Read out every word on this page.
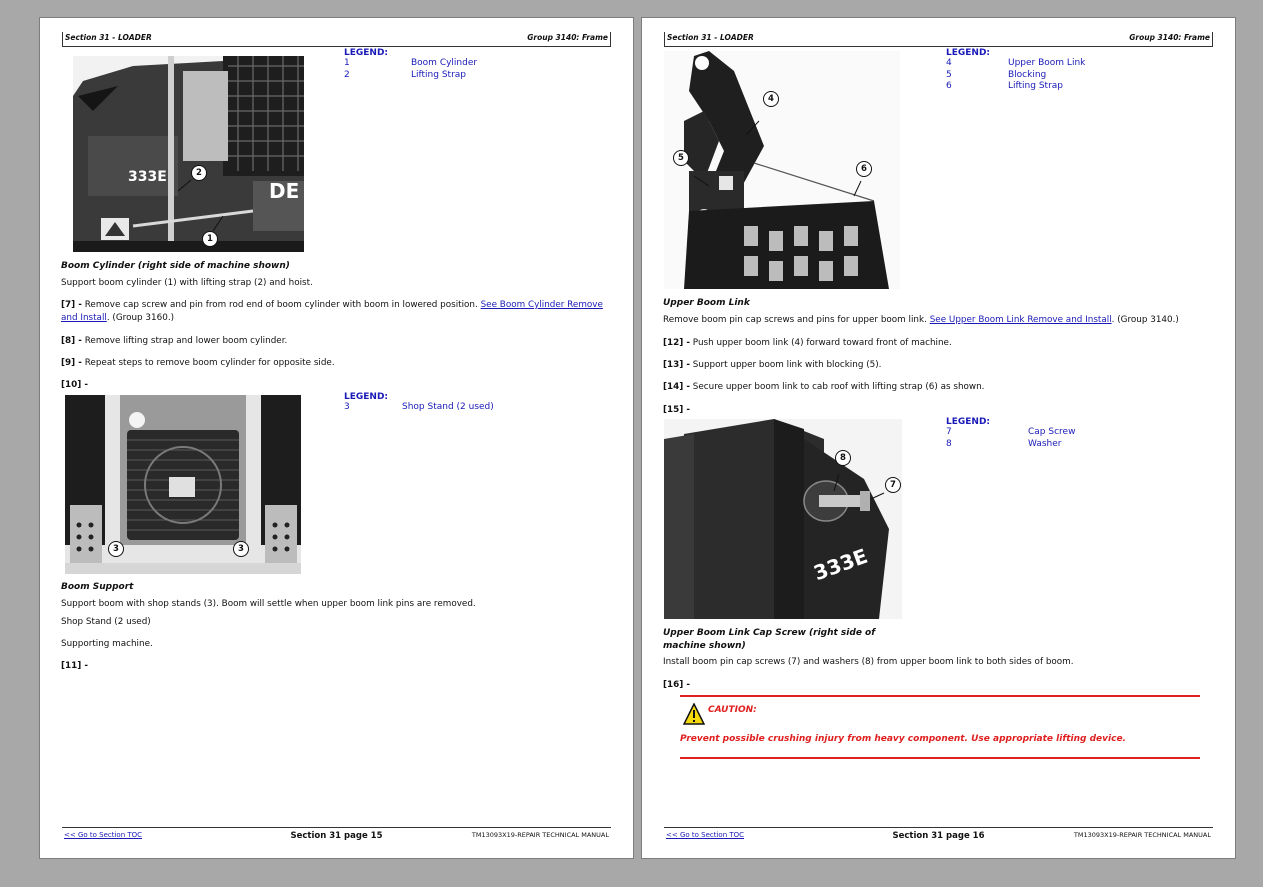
Section 31 - LOADER	Group 3140: Frame
333E
DE
2
1
LEGEND:
1	Boom Cylinder
2	Lifting Strap
Boom Cylinder (right side of machine shown)
Support boom cylinder (1) with lifting strap (2) and hoist.
[7] - Remove cap screw and pin from rod end of boom cylinder with boom in lowered position. See Boom Cylinder Remove and Install. (Group 3160.)
[8] - Remove lifting strap and lower boom cylinder.
[9] - Repeat steps to remove boom cylinder for opposite side.
[10] -
3	3
LEGEND:
3	Shop Stand (2 used)
Boom Support
Support boom with shop stands (3). Boom will settle when upper boom link pins are removed.
Shop Stand (2 used)
Supporting machine.
[11] -
<< Go to Section TOC	Section 31 page 15	TM13093X19-REPAIR TECHNICAL MANUAL
Section 31 - LOADER	Group 3140: Frame
4
5
6
LEGEND:
4	Upper Boom Link
5	Blocking
6	Lifting Strap
Upper Boom Link
Remove boom pin cap screws and pins for upper boom link. See Upper Boom Link Remove and Install. (Group 3140.)
[12] - Push upper boom link (4) forward toward front of machine.
[13] - Support upper boom link with blocking (5).
[14] - Secure upper boom link to cab roof with lifting strap (6) as shown.
[15] -
333E
8
7
LEGEND:
7	Cap Screw
8	Washer
Upper Boom Link Cap Screw (right side of machine shown)
Install boom pin cap screws (7) and washers (8) from upper boom link to both sides of boom.
[16] -
CAUTION:
Prevent possible crushing injury from heavy component. Use appropriate lifting device.
<< Go to Section TOC	Section 31 page 16	TM13093X19-REPAIR TECHNICAL MANUAL
